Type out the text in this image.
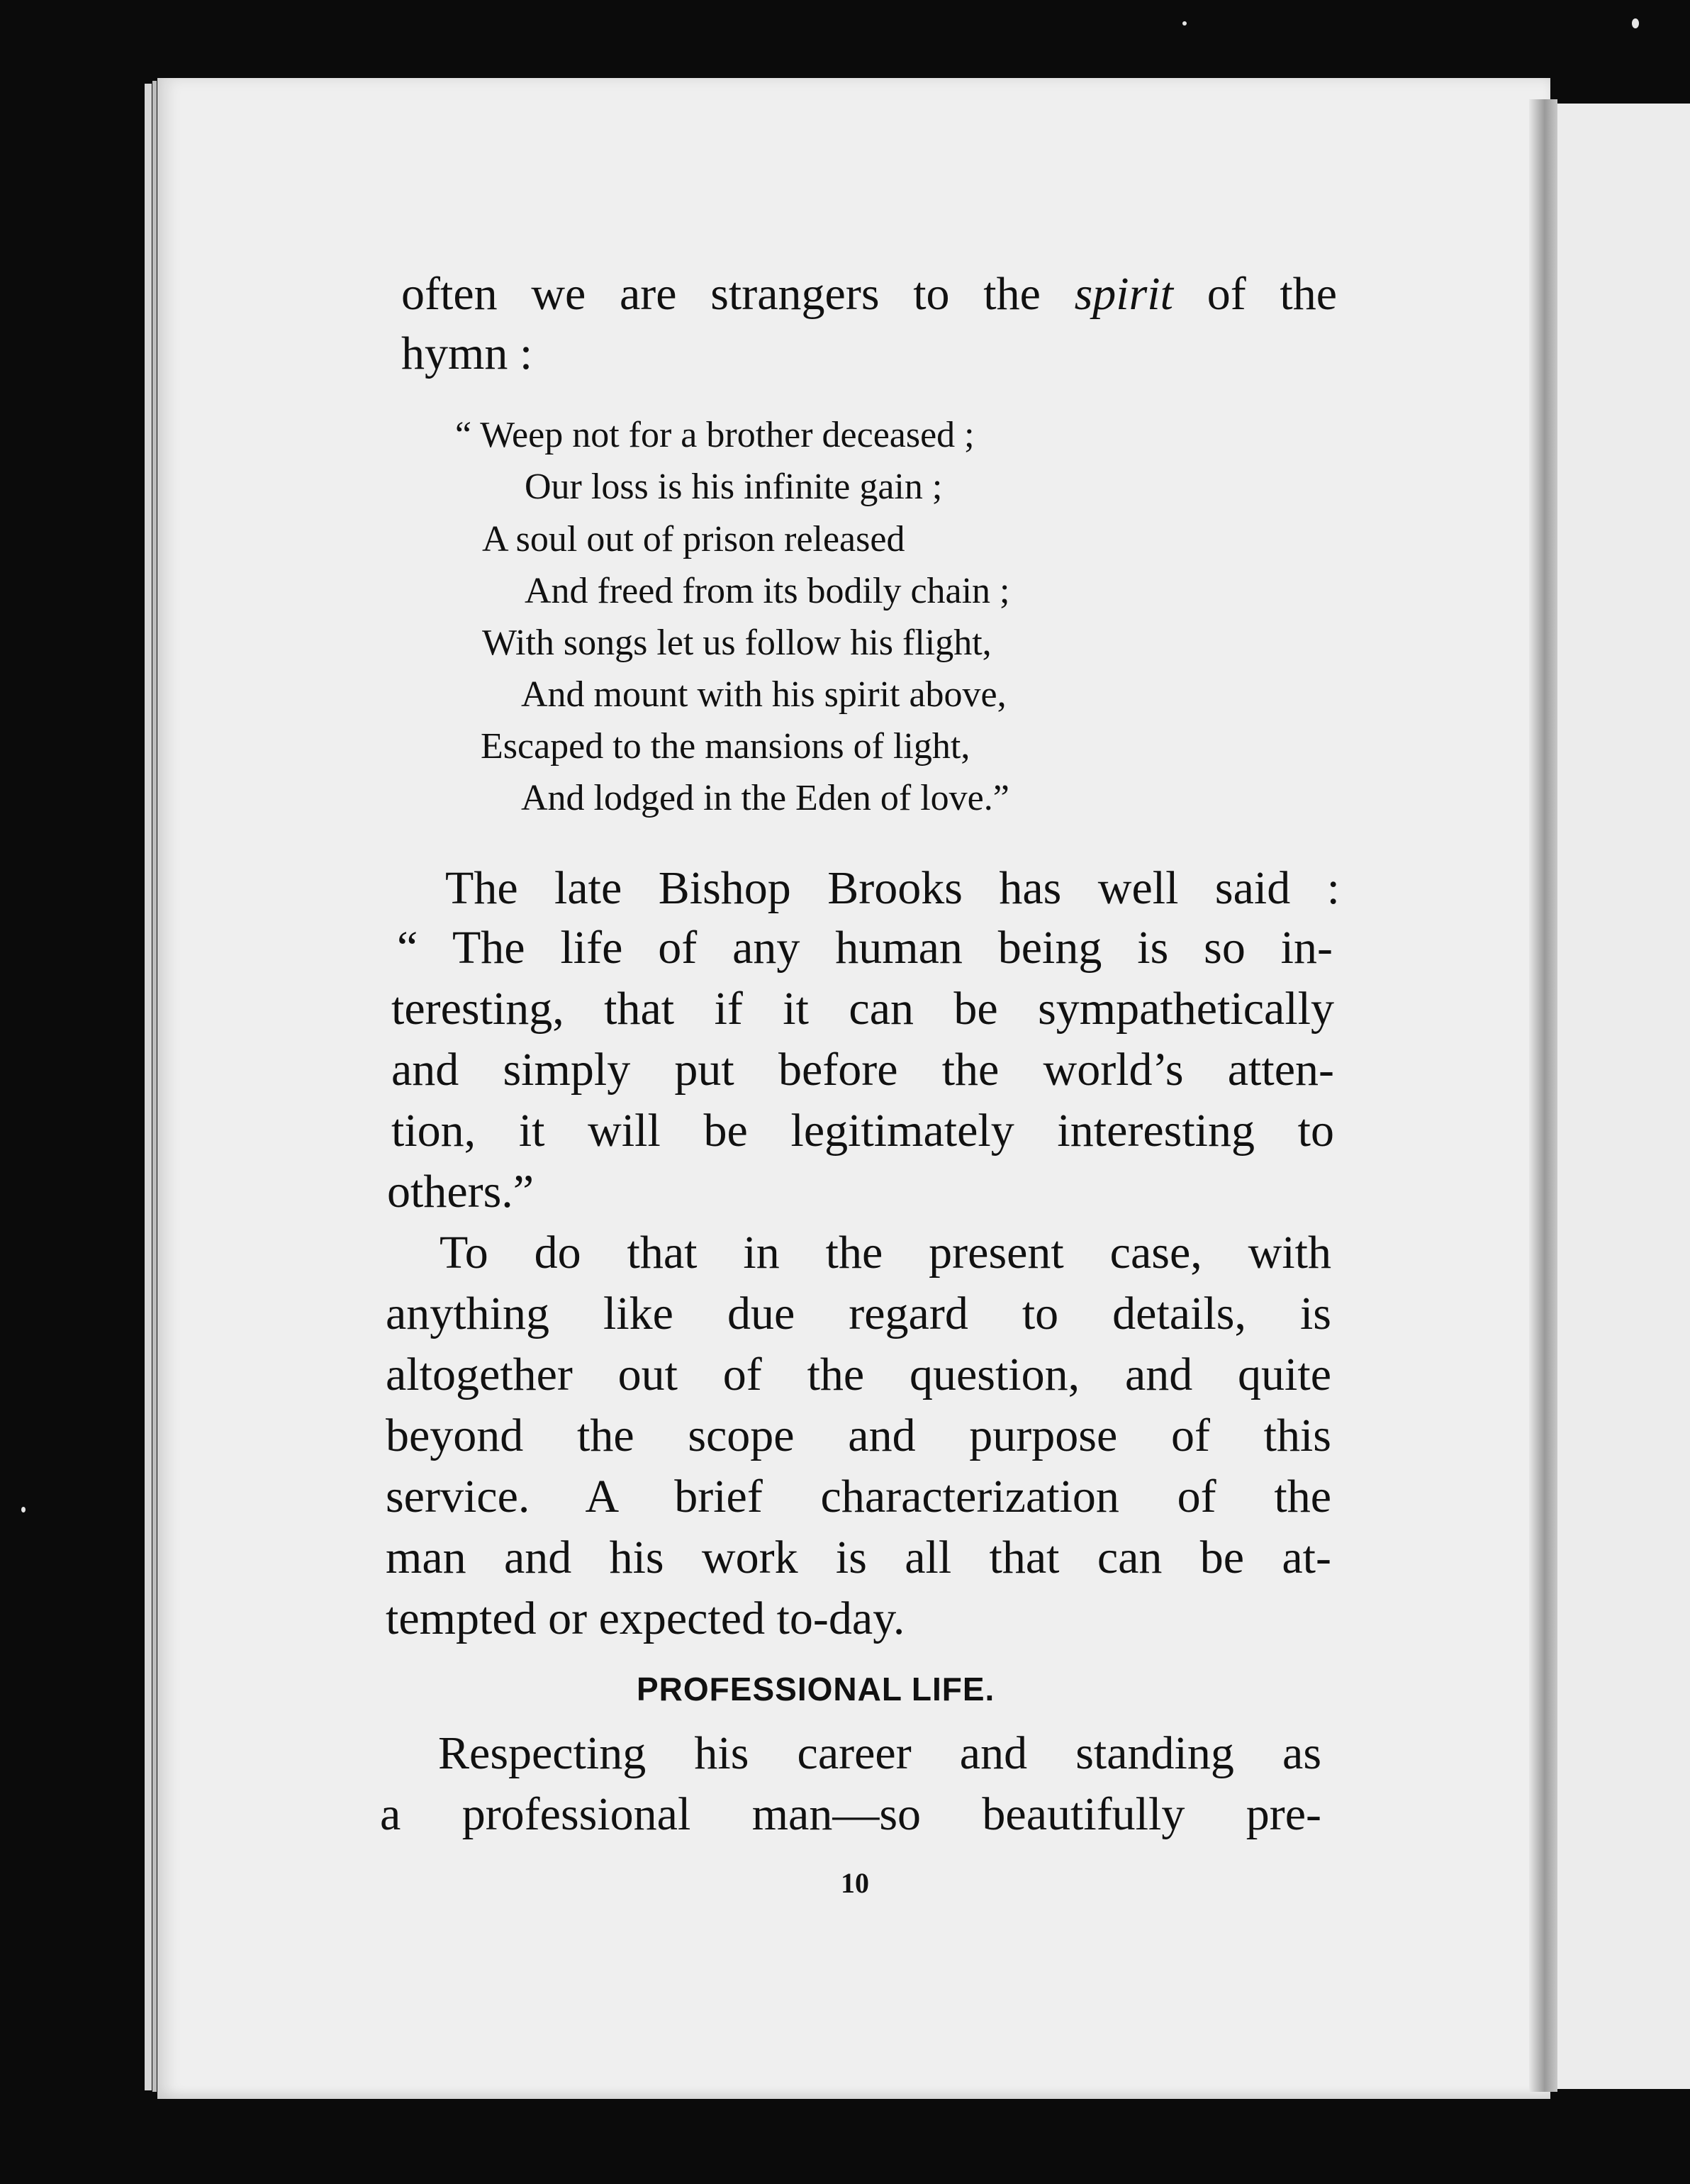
often we are strangers to the spirit of the
hymn :
“ Weep not for a brother deceased ;
Our loss is his infinite gain ;
A soul out of prison released
And freed from its bodily chain ;
With songs let us follow his flight,
And mount with his spirit above,
Escaped to the mansions of light,
And lodged in the Eden of love.”
The late Bishop Brooks has well said :
“ The life of any human being is so in-
teresting, that if it can be sympathetically
and simply put before the world’s atten-
tion, it will be legitimately interesting to
others.”
To do that in the present case, with
anything like due regard to details, is
altogether out of the question, and quite
beyond the scope and purpose of this
service. A brief characterization of the
man and his work is all that can be at-
tempted or expected to-day.
Respecting his career and standing as
a professional man—so beautifully pre-
PROFESSIONAL LIFE.
10
